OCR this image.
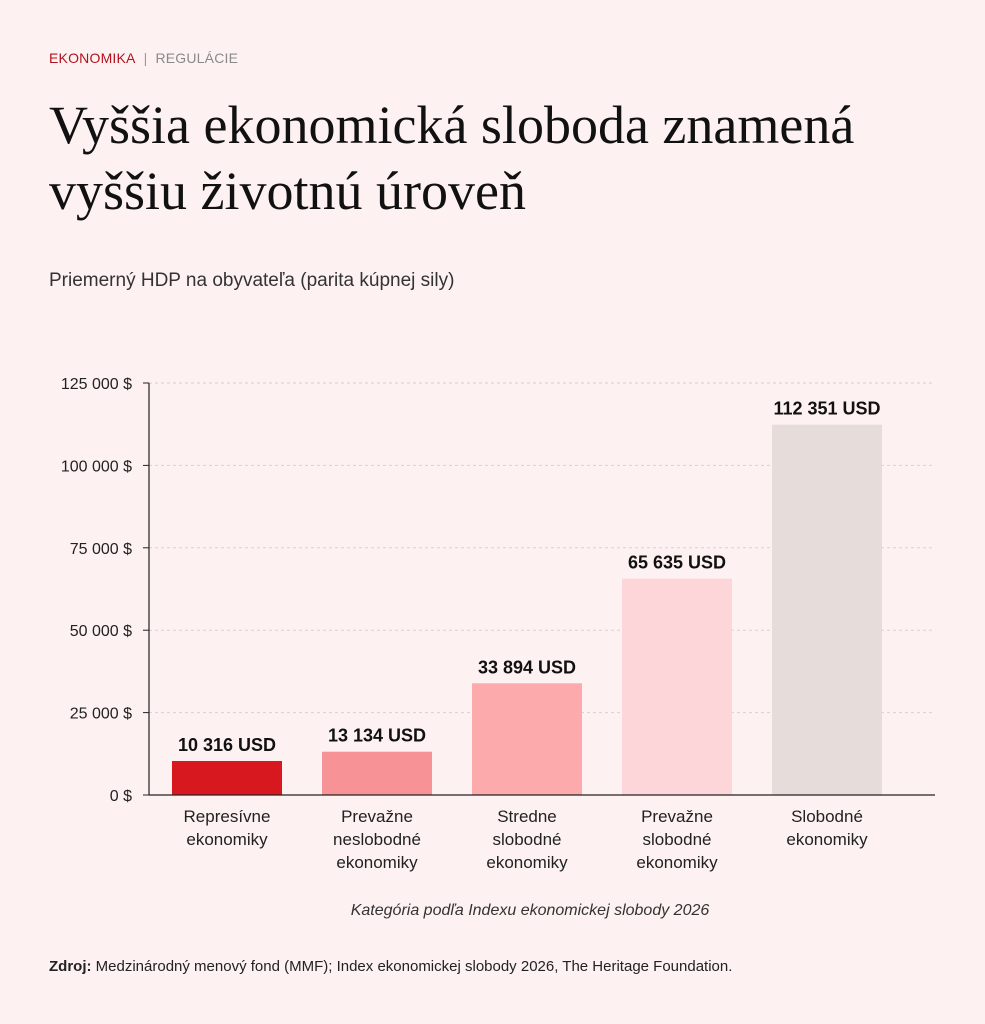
EKONOMIKA | REGULÁCIE
Vyššia ekonomická sloboda znamená vyššiu životnú úroveň
Priemerný HDP na obyvateľa (parita kúpnej sily)
0 $
25 000 $
50 000 $
75 000 $
100 000 $
125 000 $
10 316 USD
Represívne
ekonomiky
13 134 USD
Prevažne
neslobodné
ekonomiky
33 894 USD
Stredne
slobodné
ekonomiky
65 635 USD
Prevažne
slobodné
ekonomiky
112 351 USD
Slobodné
ekonomiky
Kategória podľa Indexu ekonomickej slobody 2026
Zdroj: Medzinárodný menový fond (MMF); Index ekonomickej slobody 2026, The Heritage Foundation.
